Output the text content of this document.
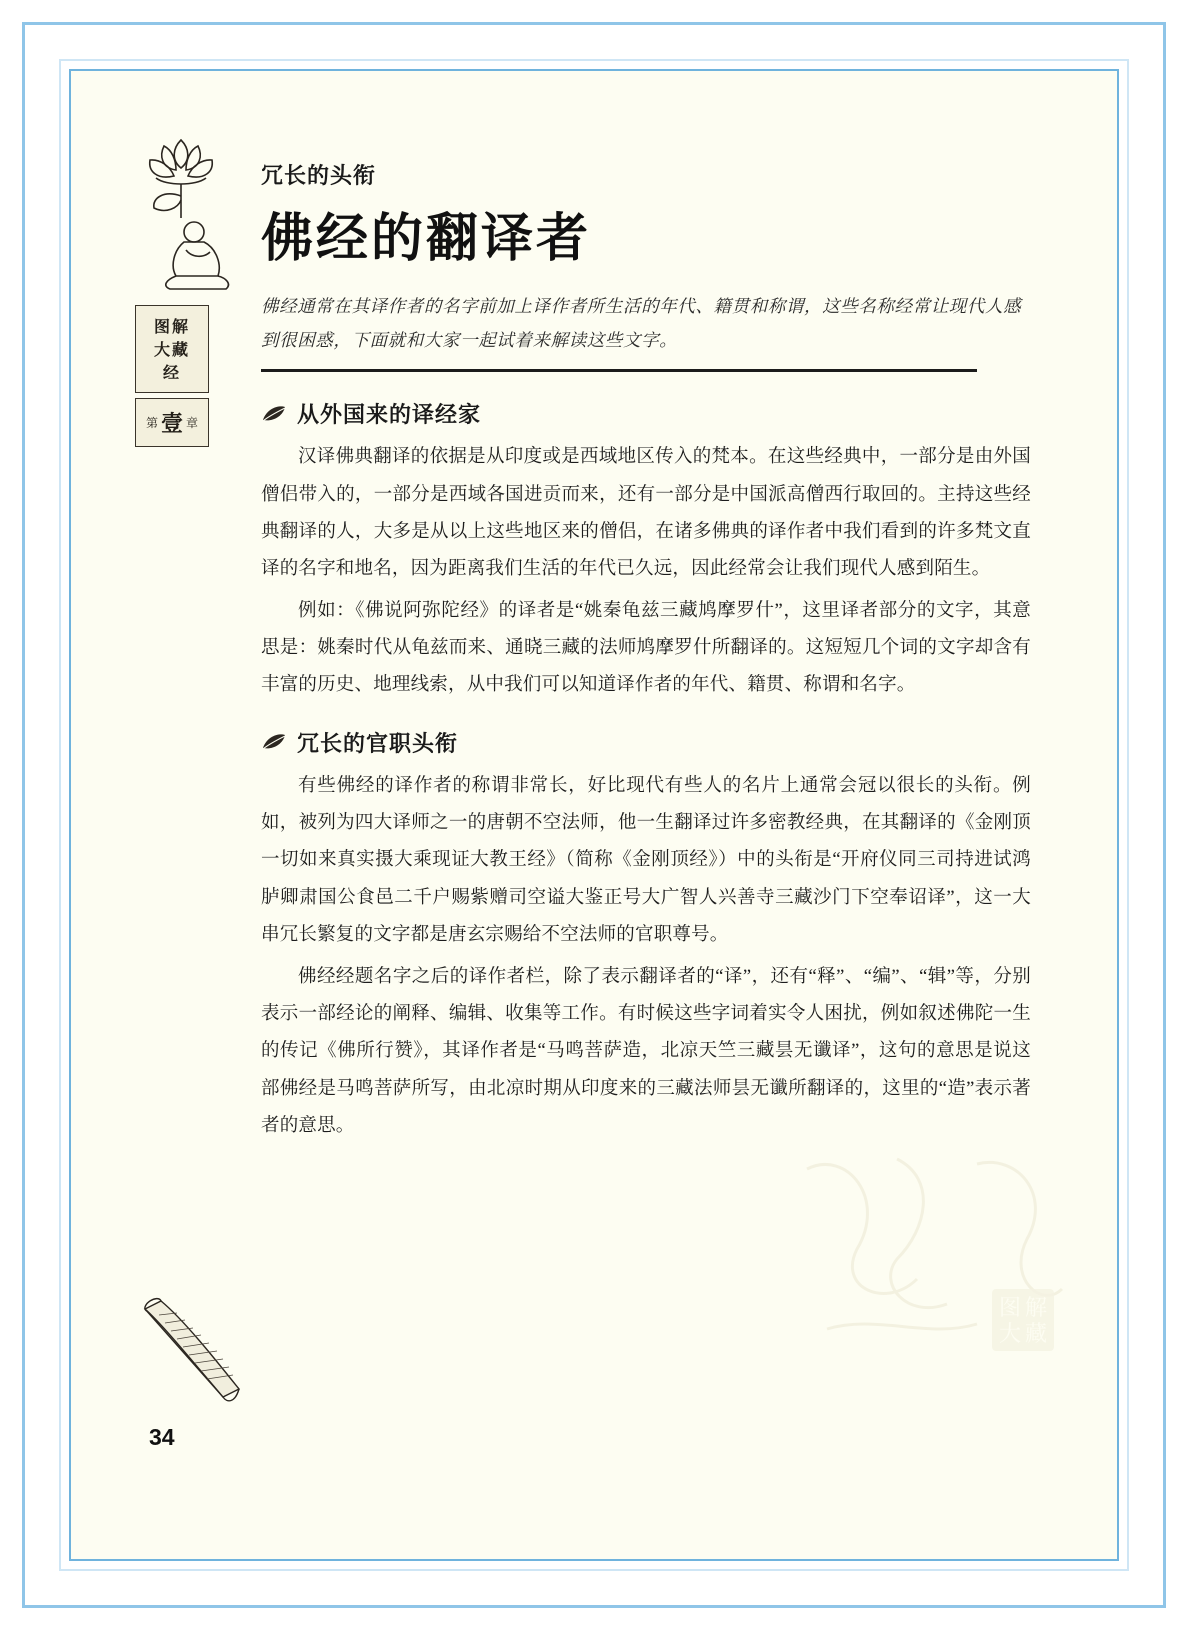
图 解
大 藏
图解
大藏
经
第 壹 章
冗长的头衔
佛经的翻译者
佛经通常在其译作者的名字前加上译作者所生活的年代、籍贯和称谓，这些名称经常让现代人感到很困惑，下面就和大家一起试着来解读这些文字。
从外国来的译经家

汉译佛典翻译的依据是从印度或是西域地区传入的梵本。在这些经典中，一部分是由外国僧侣带入的，一部分是西域各国进贡而来，还有一部分是中国派高僧西行取回的。主持这些经典翻译的人，大多是从以上这些地区来的僧侣，在诸多佛典的译作者中我们看到的许多梵文直译的名字和地名，因为距离我们生活的年代已久远，因此经常会让我们现代人感到陌生。

例如：《佛说阿弥陀经》的译者是“姚秦龟兹三藏鸠摩罗什”，这里译者部分的文字，其意思是：姚秦时代从龟兹而来、通晓三藏的法师鸠摩罗什所翻译的。这短短几个词的文字却含有丰富的历史、地理线索，从中我们可以知道译作者的年代、籍贯、称谓和名字。

冗长的官职头衔

有些佛经的译作者的称谓非常长，好比现代有些人的名片上通常会冠以很长的头衔。例如，被列为四大译师之一的唐朝不空法师，他一生翻译过许多密教经典，在其翻译的《金刚顶一切如来真实摄大乘现证大教王经》（简称《金刚顶经》）中的头衔是“开府仪同三司持进试鸿胪卿肃国公食邑二千户赐紫赠司空谥大鉴正号大广智人兴善寺三藏沙门下空奉诏译”，这一大串冗长繁复的文字都是唐玄宗赐给不空法师的官职尊号。

佛经经题名字之后的译作者栏，除了表示翻译者的“译”，还有“释”、“编”、“辑”等，分别表示一部经论的阐释、编辑、收集等工作。有时候这些字词着实令人困扰，例如叙述佛陀一生的传记《佛所行赞》，其译作者是“马鸣菩萨造，北凉天竺三藏昙无谶译”，这句的意思是说这部佛经是马鸣菩萨所写，由北凉时期从印度来的三藏法师昙无谶所翻译的，这里的“造”表示著者的意思。

34
